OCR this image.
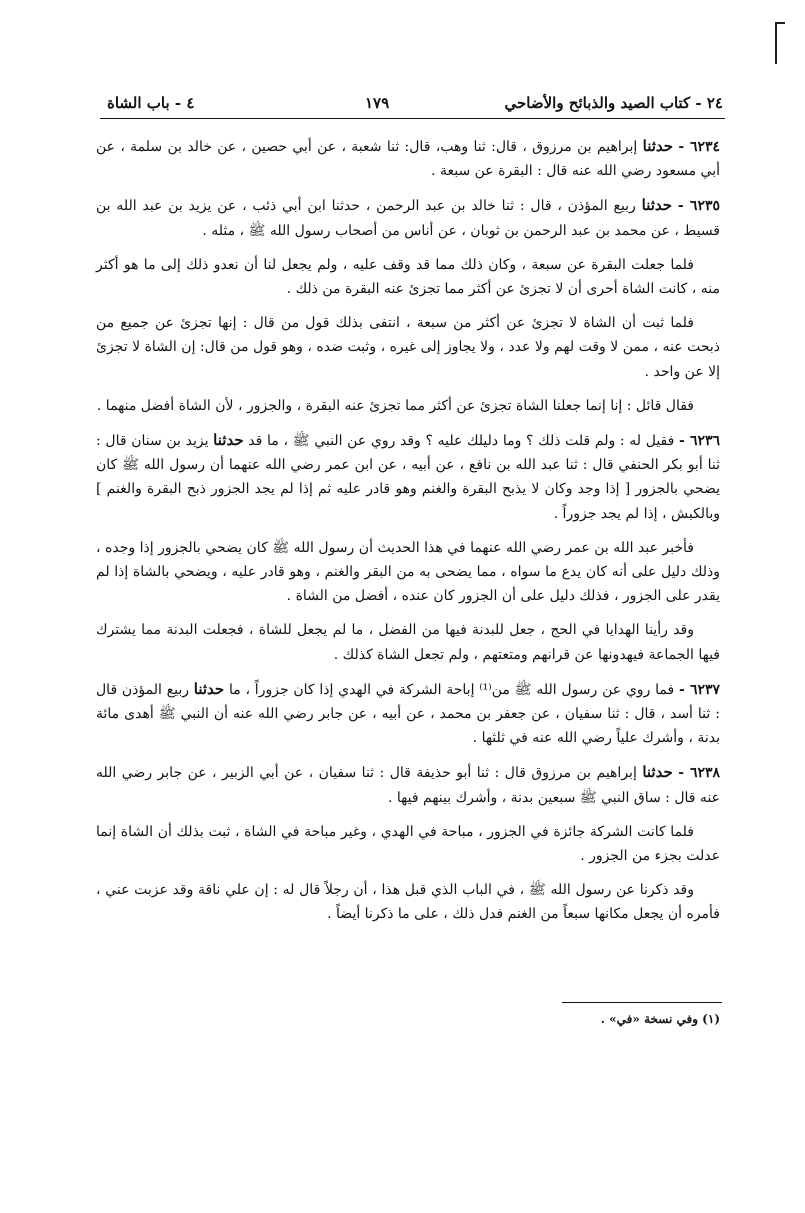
٢٤ - كتاب الصيد والذبائح والأضاحي
١٧٩
٤ - باب الشاة

٦٢٣٤ - حدثنا إبراهيم بن مرزوق ، قال: ثنا وهب، قال: ثنا شعبة ، عن أبي حصين ، عن خالد بن سلمة ، عن أبي مسعود رضي الله عنه قال : البقرة عن سبعة .

٦٢٣٥ - حدثنا ربيع المؤذن ، قال : ثنا خالد بن عبد الرحمن ، حدثنا ابن أبي ذئب ، عن يزيد بن عبد الله بن قسيط ، عن محمد بن عبد الرحمن بن ثوبان ، عن أناس من أصحاب رسول الله ﷺ ، مثله .

فلما جعلت البقرة عن سبعة ، وكان ذلك مما قد وقف عليه ، ولم يجعل لنا أن نعدو ذلك إلى ما هو أكثر منه ، كانت الشاة أحرى أن لا تجزئ عن أكثر مما تجزئ عنه البقرة من ذلك .

فلما ثبت أن الشاة لا تجزئ عن أكثر من سبعة ، انتفى بذلك قول من قال : إنها تجزئ عن جميع من ذبحت عنه ، ممن لا وقت لهم ولا عدد ، ولا يجاوز إلى غيره ، وثبت ضده ، وهو قول من قال: إن الشاة لا تجزئ إلا عن واحد .

فقال قائل : إنا إنما جعلنا الشاة تجزئ عن أكثر مما تجزئ عنه البقرة ، والجزور ، لأن الشاة أفضل منهما .

٦٢٣٦ - فقيل له : ولم قلت ذلك ؟ وما دليلك عليه ؟ وقد روي عن النبي ﷺ ، ما قد حدثنا يزيد بن سنان قال : ثنا أبو بكر الحنفي قال : ثنا عبد الله بن نافع ، عن أبيه ، عن ابن عمر رضي الله عنهما أن رسول الله ﷺ كان يضحي بالجزور [ إذا وجد وكان لا يذبح البقرة والغنم وهو قادر عليه ثم إذا لم يجد الجزور ذبح البقرة والغنم ] وبالكبش ، إذا لم يجد جزوراً .

فأخبر عبد الله بن عمر رضي الله عنهما في هذا الحديث أن رسول الله ﷺ كان يضحي بالجزور إذا وجده ، وذلك دليل على أنه كان يدع ما سواه ، مما يضحى به من البقر والغنم ، وهو قادر عليه ، ويضحي بالشاة إذا لم يقدر على الجزور ، فذلك دليل على أن الجزور كان عنده ، أفضل من الشاة .

وقد رأينا الهدايا في الحج ، جعل للبدنة فيها من الفضل ، ما لم يجعل للشاة ، فجعلت البدنة مما يشترك فيها الجماعة فيهدونها عن قرانهم ومتعتهم ، ولم تجعل الشاة كذلك .

٦٢٣٧ - فما روي عن رسول الله ﷺ من⁽¹⁾ إباحة الشركة في الهدي إذا كان جزوراً ، ما حدثنا ربيع المؤذن قال : ثنا أسد ، قال : ثنا سفيان ، عن جعفر بن محمد ، عن أبيه ، عن جابر رضي الله عنه أن النبي ﷺ أهدى مائة بدنة ، وأشرك علياً رضي الله عنه في ثلثها .

٦٢٣٨ - حدثنا إبراهيم بن مرزوق قال : ثنا أبو حذيفة قال : ثنا سفيان ، عن أبي الزبير ، عن جابر رضي الله عنه قال : ساق النبي ﷺ سبعين بدنة ، وأشرك بينهم فيها .

فلما كانت الشركة جائزة في الجزور ، مباحة في الهدي ، وغير مباحة في الشاة ، ثبت بذلك أن الشاة إنما عدلت بجزء من الجزور .

وقد ذكرنا عن رسول الله ﷺ ، في الباب الذي قبل هذا ، أن رجلاً قال له : إن علي ناقة وقد عزبت عني ، فأمره أن يجعل مكانها سبعاً من الغنم فدل ذلك ، على ما ذكرنا أيضاً .

(١) وفي نسخة «في» .
